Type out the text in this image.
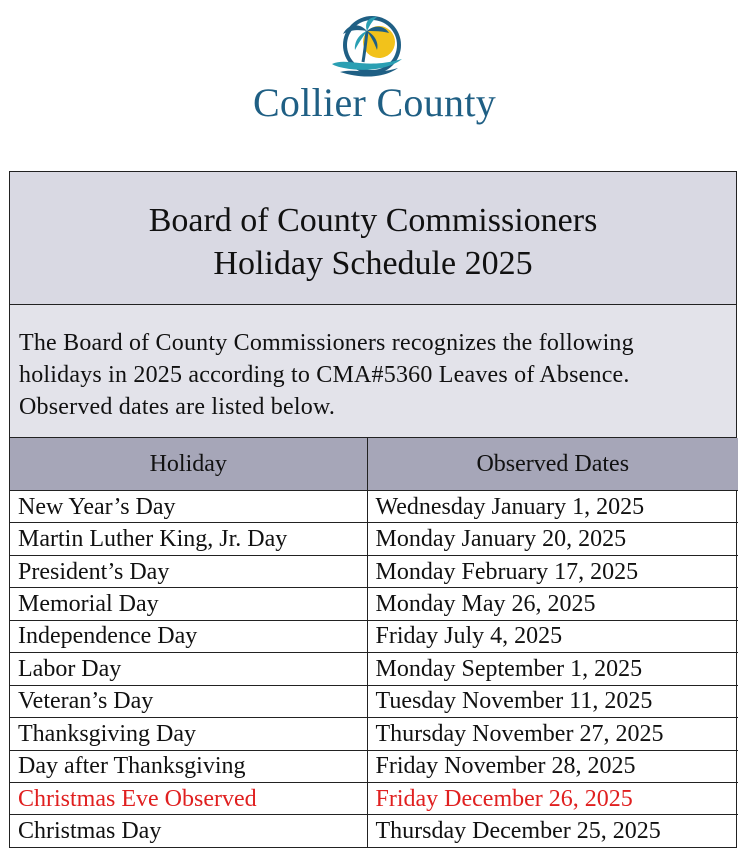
Collier County
Board of County Commissioners
Holiday Schedule 2025
The Board of County Commissioners recognizes the following
holidays in 2025 according to CMA#5360 Leaves of Absence.
Observed dates are listed below.
Holiday	Observed Dates
New Year’s Day	Wednesday January 1, 2025
Martin Luther King, Jr. Day	Monday January 20, 2025
President’s Day	Monday February 17, 2025
Memorial Day	Monday May 26, 2025
Independence Day	Friday July 4, 2025
Labor Day	Monday September 1, 2025
Veteran’s Day	Tuesday November 11, 2025
Thanksgiving Day	Thursday November 27, 2025
Day after Thanksgiving	Friday November 28, 2025
Christmas Eve Observed	Friday December 26, 2025
Christmas Day	Thursday December 25, 2025
